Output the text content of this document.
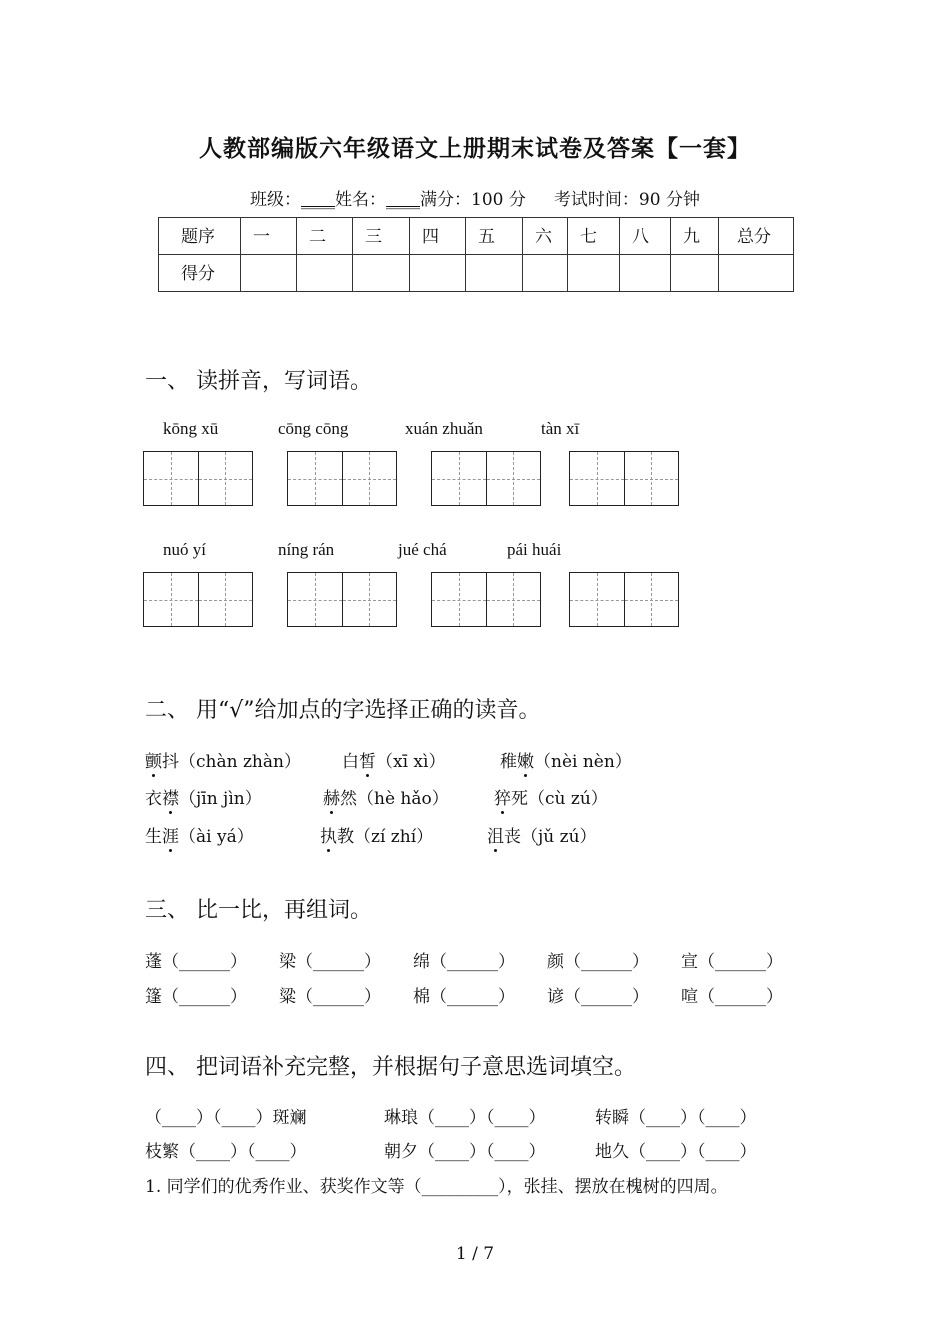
人教部编版六年级语文上册期末试卷及答案【一套】
班级：____姓名：____满分：100 分 考试时间：90 分钟
题序	一	二	三	四	五	六	七	八	九	总分
得分										
一、 读拼音，写词语。
kōng xū	cōng cōng	xuán zhuǎn	tàn xī
nuó yí	níng rán	jué chá	pái huái
二、 用“√”给加点的字选择正确的读音。
颤抖（chàn zhàn） 白皙（xī xì）	稚嫩（nèi nèn）
衣襟（jīn jìn）	赫然（hè hǎo）	猝死（cù zú）
生涯（ài yá）	执教（zí zhí）	沮丧（jǔ zú）
三、 比一比，再组词。
蓬（______） 梁（______） 绵（______） 颜（______） 宣（______）
篷（______） 粱（______） 棉（______） 谚（______） 喧（______）
四、 把词语补充完整，并根据句子意思选词填空。
（____）（____）斑斓	琳琅（____）（____）	转瞬（____）（____）
枝繁（____）（____）	朝夕（____）（____）	地久（____）（____）
1. 同学们的优秀作业、获奖作文等（_________），张挂、摆放在槐树的四周。
1 / 7
